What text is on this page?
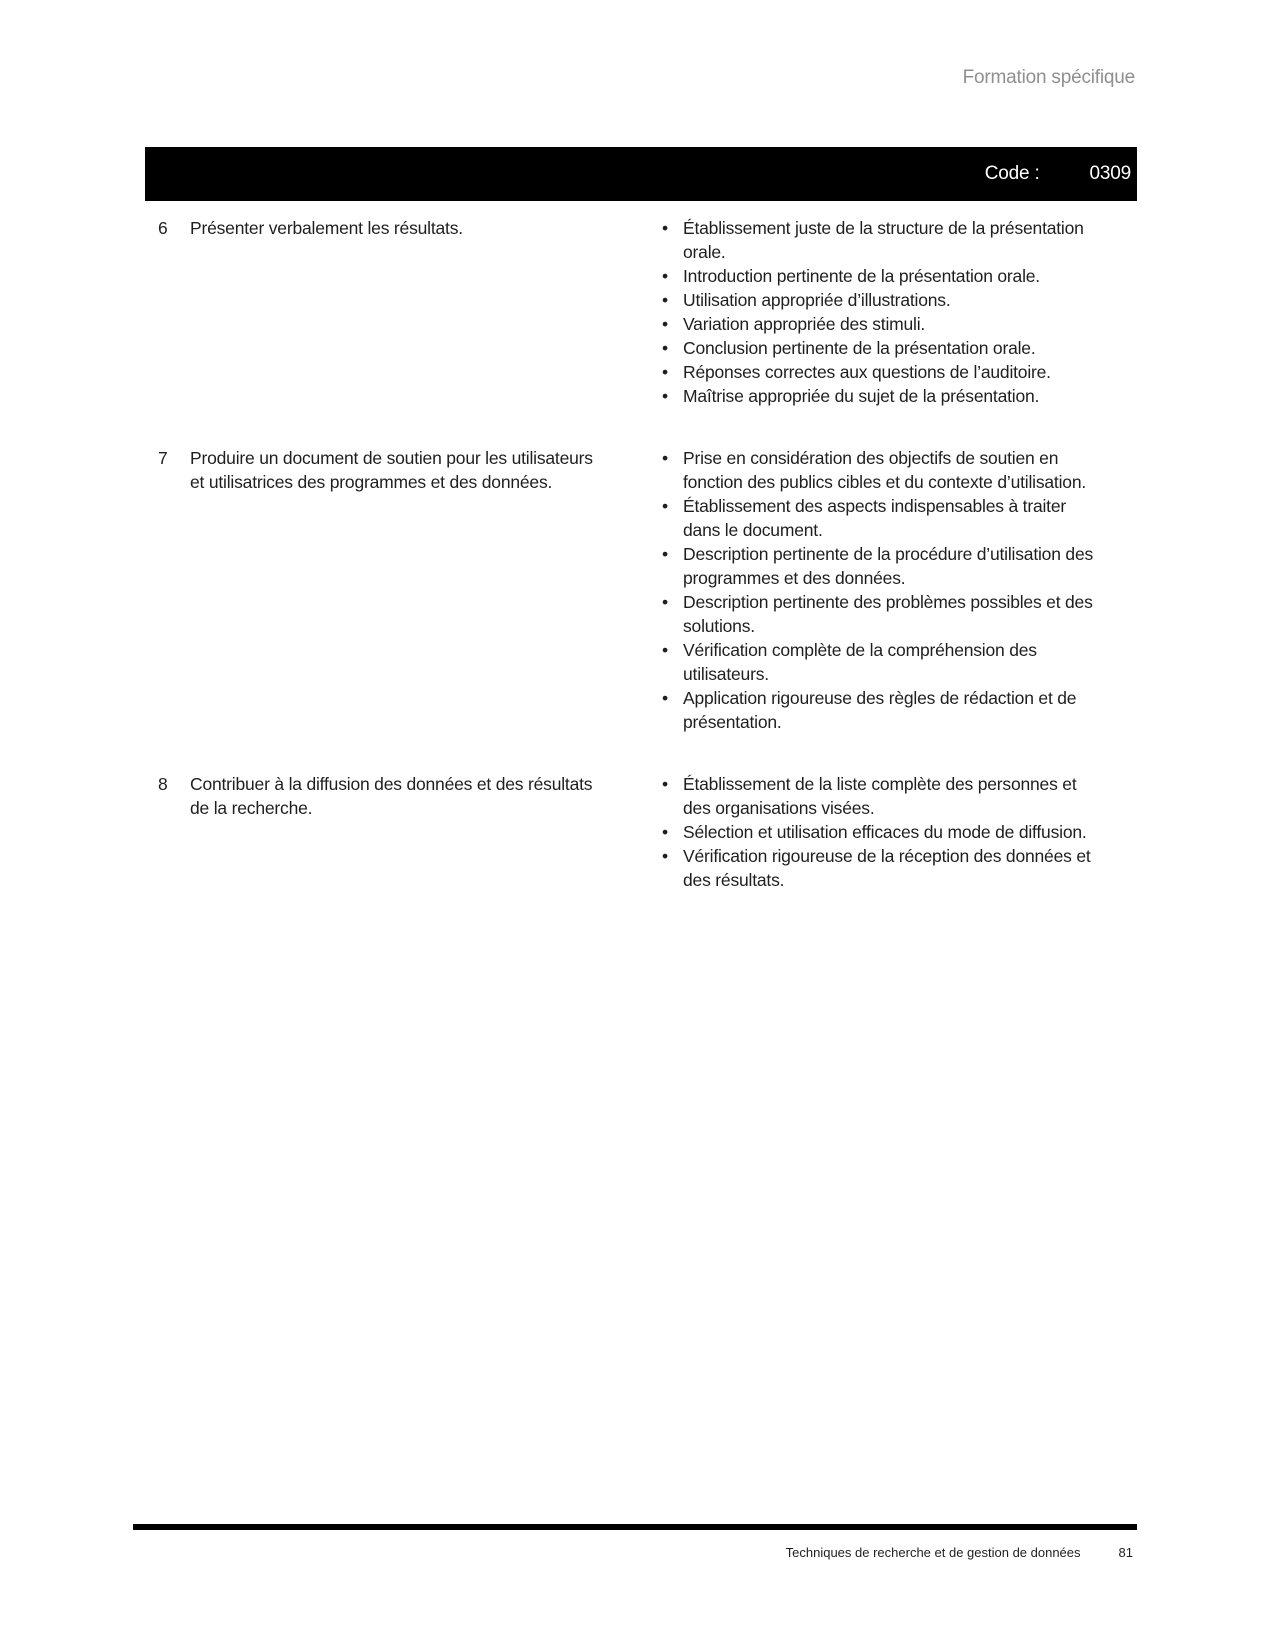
Formation spécifique
Code :	0309
6	Présenter verbalement les résultats.	• Établissement juste de la structure de la présentation orale.
• Introduction pertinente de la présentation orale.
• Utilisation appropriée d’illustrations.
• Variation appropriée des stimuli.
• Conclusion pertinente de la présentation orale.
• Réponses correctes aux questions de l’auditoire.
• Maîtrise appropriée du sujet de la présentation.
7	Produire un document de soutien pour les utilisateurs et utilisatrices des programmes et des données.
• Prise en considération des objectifs de soutien en fonction des publics cibles et du contexte d’utilisation.
• Établissement des aspects indispensables à traiter dans le document.
• Description pertinente de la procédure d’utilisation des programmes et des données.
• Description pertinente des problèmes possibles et des solutions.
• Vérification complète de la compréhension des utilisateurs.
• Application rigoureuse des règles de rédaction et de présentation.
8	Contribuer à la diffusion des données et des résultats de la recherche.
• Établissement de la liste complète des personnes et des organisations visées.
• Sélection et utilisation efficaces du mode de diffusion.
• Vérification rigoureuse de la réception des données et des résultats.
Techniques de recherche et de gestion de données	81
